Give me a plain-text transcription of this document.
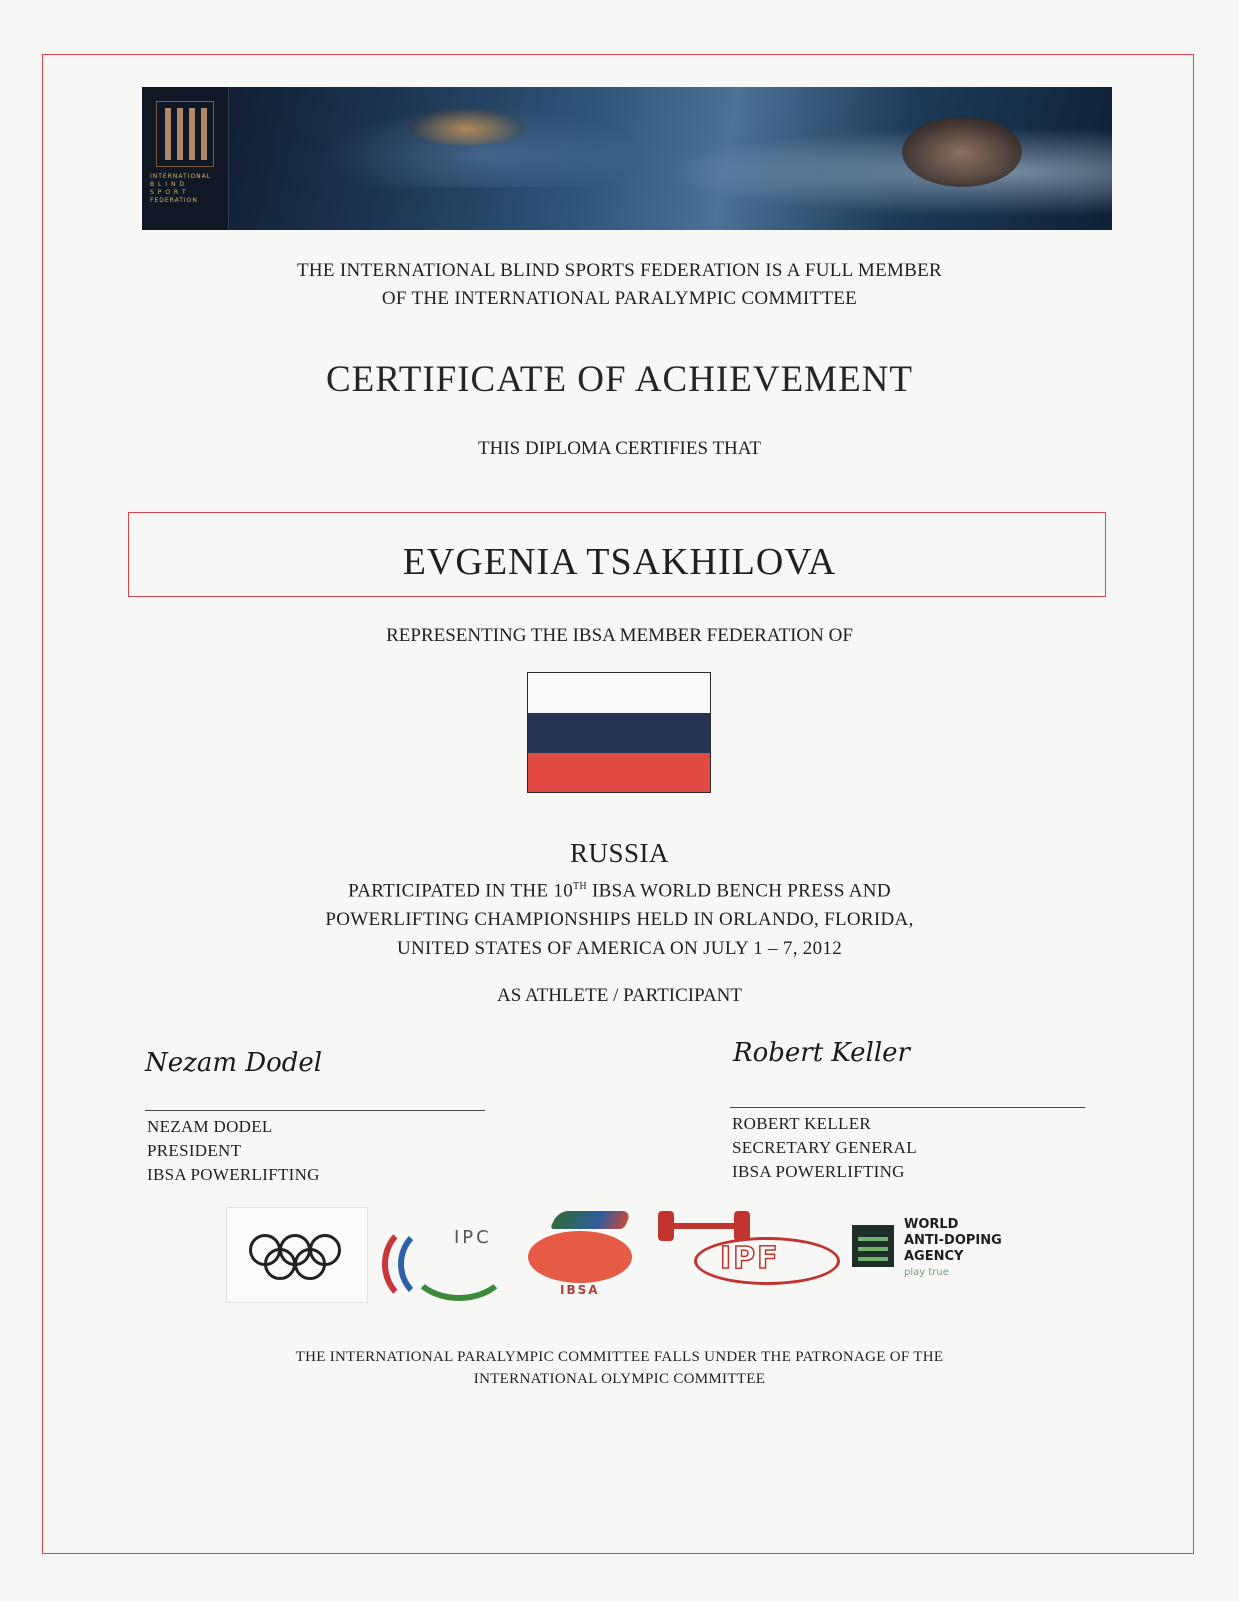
INTERNATIONAL
B L I N D
S P O R T
FEDERATION
THE INTERNATIONAL BLIND SPORTS FEDERATION IS A FULL MEMBER
OF THE INTERNATIONAL PARALYMPIC COMMITTEE
CERTIFICATE OF ACHIEVEMENT
THIS DIPLOMA CERTIFIES THAT
EVGENIA TSAKHILOVA
REPRESENTING THE IBSA MEMBER FEDERATION OF
RUSSIA
PARTICIPATED IN THE 10TH IBSA WORLD BENCH PRESS AND
POWERLIFTING CHAMPIONSHIPS HELD IN ORLANDO, FLORIDA,
UNITED STATES OF AMERICA ON JULY 1 – 7, 2012
AS ATHLETE / PARTICIPANT
Nezam Dodel	Robert Keller
NEZAM DODEL
PRESIDENT
IBSA POWERLIFTING
ROBERT KELLER
SECRETARY GENERAL
IBSA POWERLIFTING
IPC
IBSA
IPF
WORLD
ANTI-DOPING
AGENCY
play true
THE INTERNATIONAL PARALYMPIC COMMITTEE FALLS UNDER THE PATRONAGE OF THE
INTERNATIONAL OLYMPIC COMMITTEE
